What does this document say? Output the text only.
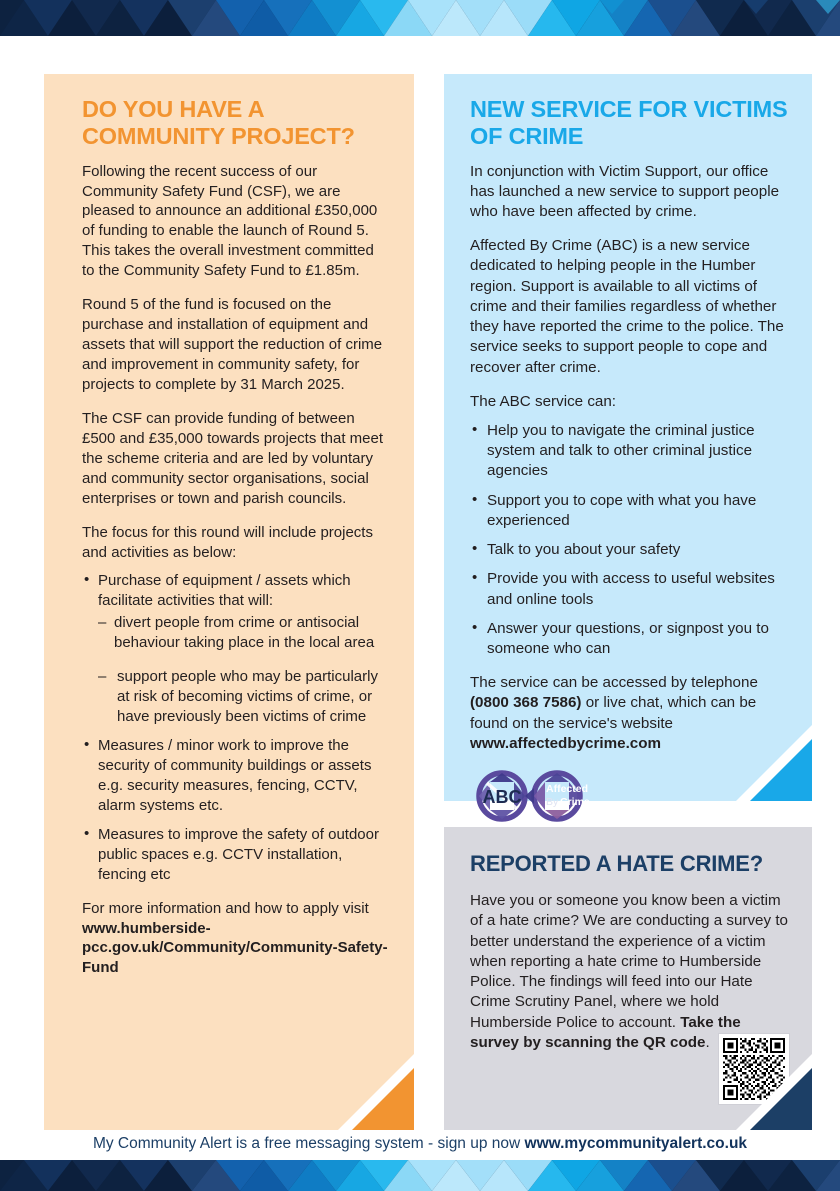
DO YOU HAVE A COMMUNITY PROJECT?

Following the recent success of our Community Safety Fund (CSF), we are pleased to announce an additional £350,000 of funding to enable the launch of Round 5. This takes the overall investment committed to the Community Safety Fund to £1.85m.

Round 5 of the fund is focused on the purchase and installation of equipment and assets that will support the reduction of crime and improvement in community safety, for projects to complete by 31 March 2025.

The CSF can provide funding of between £500 and £35,000 towards projects that meet the scheme criteria and are led by voluntary and community sector organisations, social enterprises or town and parish councils.

The focus for this round will include projects and activities as below:

• Purchase of equipment / assets which facilitate activities that will:
– divert people from crime or antisocial behaviour taking place in the local area
– support people who may be particularly at risk of becoming victims of crime, or have previously been victims of crime
• Measures / minor work to improve the security of community buildings or assets e.g. security measures, fencing, CCTV, alarm systems etc.
• Measures to improve the safety of outdoor public spaces e.g. CCTV installation, fencing etc

For more information and how to apply visit www.humberside-pcc.gov.uk/Community/Community-Safety-Fund

NEW SERVICE FOR VICTIMS OF CRIME

In conjunction with Victim Support, our office has launched a new service to support people who have been affected by crime.

Affected By Crime (ABC) is a new service dedicated to helping people in the Humber region. Support is available to all victims of crime and their families regardless of whether they have reported the crime to the police. The service seeks to support people to cope and recover after crime.

The ABC service can:

• Help you to navigate the criminal justice system and talk to other criminal justice agencies
• Support you to cope with what you have experienced
• Talk to you about your safety
• Provide you with access to useful websites and online tools
• Answer your questions, or signpost you to someone who can

The service can be accessed by telephone (0800 368 7586) or live chat, which can be found on the service's website www.affectedbycrime.com

ABC Affected
By Crime
REPORTED A HATE CRIME?

Have you or someone you know been a victim of a hate crime? We are conducting a survey to better understand the experience of a victim when reporting a hate crime to Humberside Police. The findings will feed into our Hate Crime Scrutiny Panel, where we hold Humberside Police to account. Take the survey by scanning the QR code.

My Community Alert is a free messaging system - sign up now www.mycommunityalert.co.uk
